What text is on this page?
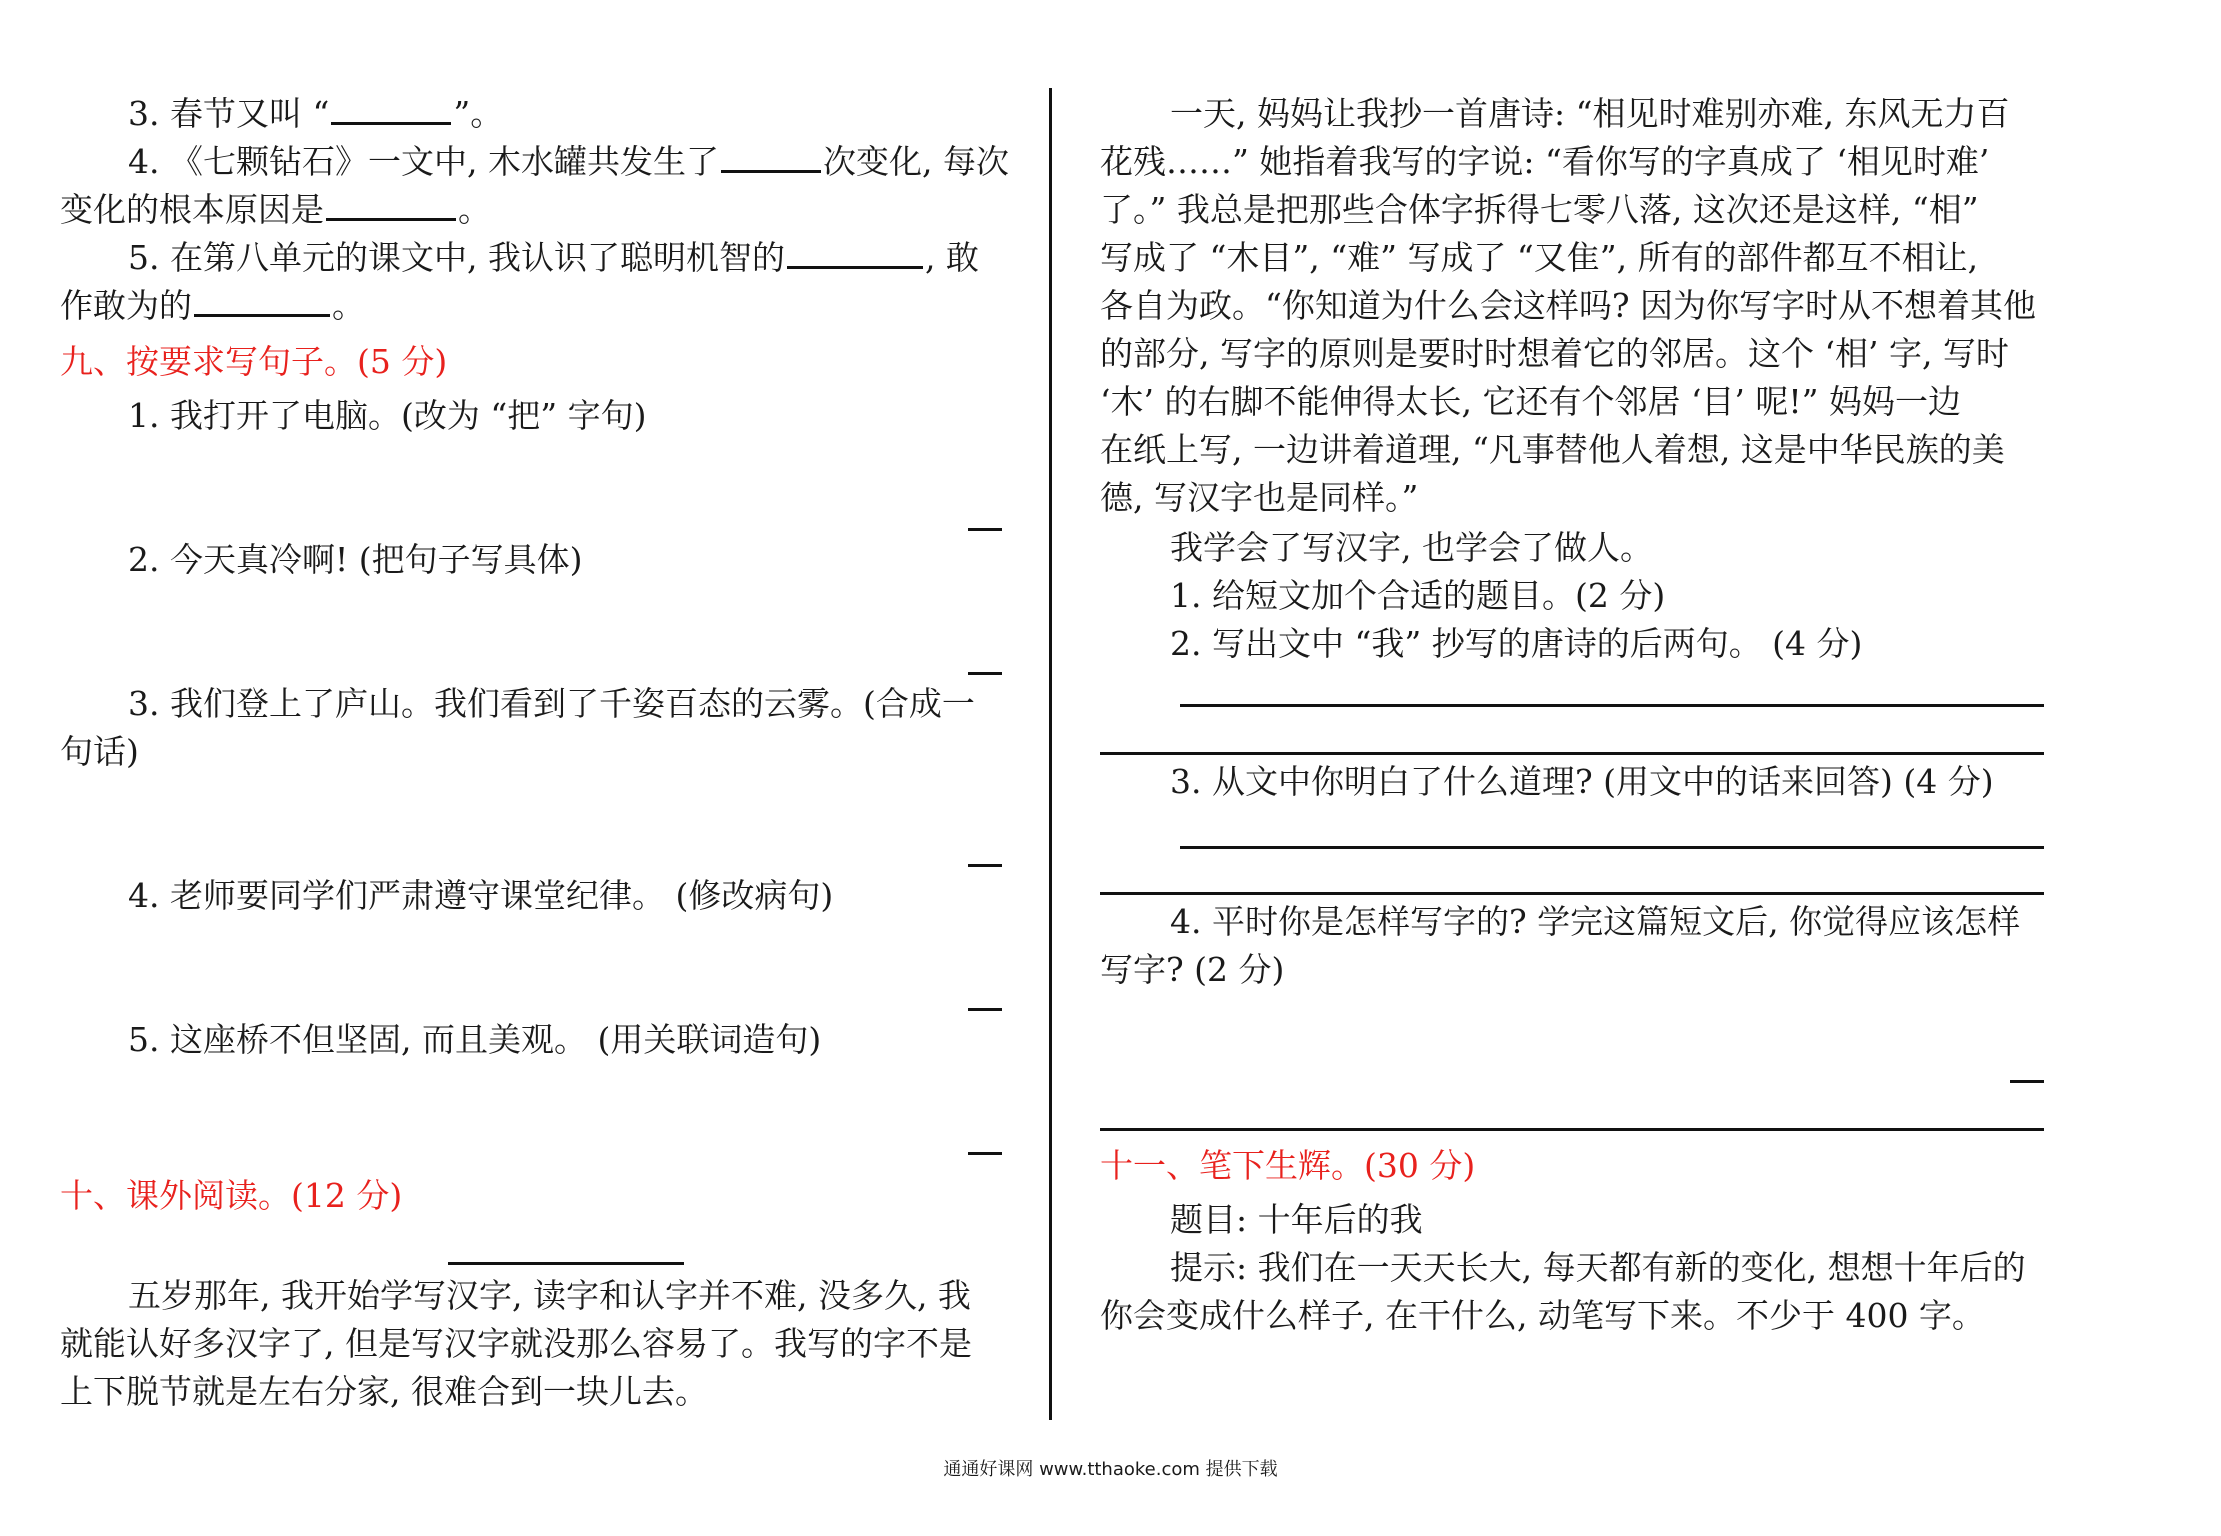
3. 春节又叫 “	”。
4. 《七颗钻石》一文中, 木水罐共发生了	次变化, 每次
变化的根本原因是	。
5. 在第八单元的课文中, 我认识了聪明机智的	, 敢
作敢为的	。
九、按要求写句子。(5 分)
1. 我打开了电脑。(改为 “把” 字句)
2. 今天真冷啊! (把句子写具体)
3. 我们登上了庐山。我们看到了千姿百态的云雾。(合成一
句话)
4. 老师要同学们严肃遵守课堂纪律。 (修改病句)
5. 这座桥不但坚固, 而且美观。 (用关联词造句)
十、课外阅读。(12 分)
五岁那年, 我开始学写汉字, 读字和认字并不难, 没多久, 我
就能认好多汉字了, 但是写汉字就没那么容易了。我写的字不是
上下脱节就是左右分家, 很难合到一块儿去。
一天, 妈妈让我抄一首唐诗: “相见时难别亦难, 东风无力百
花残……” 她指着我写的字说: “看你写的字真成了 ‘相见时难’
了。” 我总是把那些合体字拆得七零八落, 这次还是这样, “相”
写成了 “木目”, “难” 写成了 “又隹”, 所有的部件都互不相让,
各自为政。“你知道为什么会这样吗? 因为你写字时从不想着其他
的部分, 写字的原则是要时时想着它的邻居。这个 ‘相’ 字, 写时
‘木’ 的右脚不能伸得太长, 它还有个邻居 ‘目’ 呢!” 妈妈一边
在纸上写, 一边讲着道理, “凡事替他人着想, 这是中华民族的美
德, 写汉字也是同样。”
我学会了写汉字, 也学会了做人。
1. 给短文加个合适的题目。(2 分)
2. 写出文中 “我” 抄写的唐诗的后两句。 (4 分)
3. 从文中你明白了什么道理? (用文中的话来回答) (4 分)
4. 平时你是怎样写字的? 学完这篇短文后, 你觉得应该怎样
写字? (2 分)
十一、笔下生辉。(30 分)
题目: 十年后的我
提示: 我们在一天天长大, 每天都有新的变化, 想想十年后的
你会变成什么样子, 在干什么, 动笔写下来。不少于 400 字。
通通好课网 www.tthaoke.com 提供下载
